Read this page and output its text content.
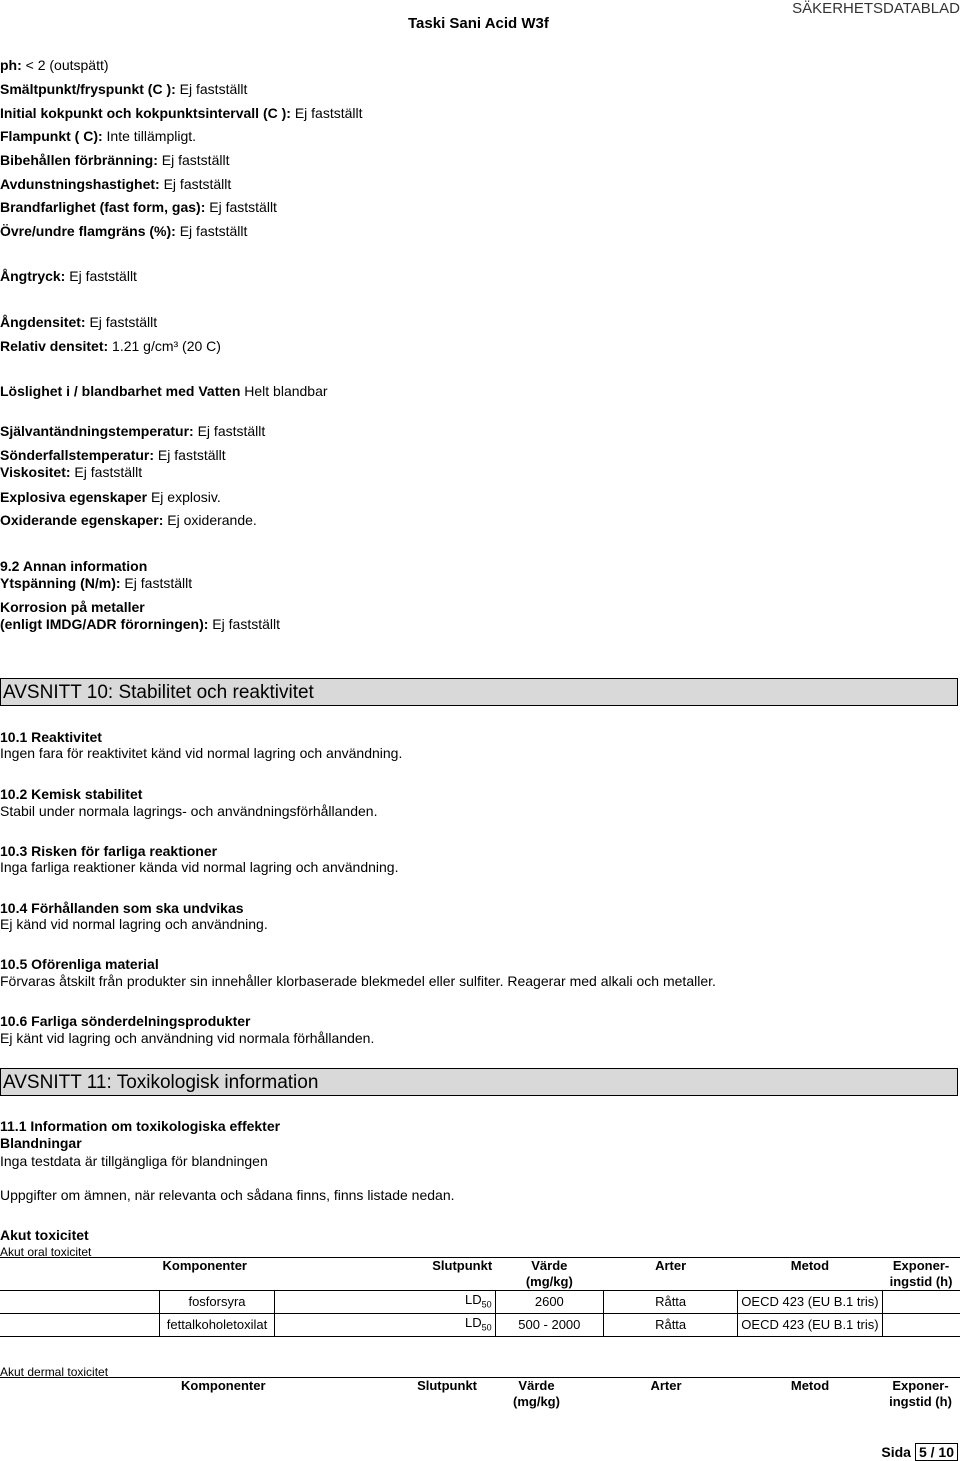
Taski Sani Acid W3f
SÄKERHETSDATABLAD
ph: < 2 (outspätt)
Smältpunkt/fryspunkt (C ): Ej fastställt
Initial kokpunkt och kokpunktsintervall (C ): Ej fastställt
Flampunkt ( C): Inte tillämpligt.
Bibehållen förbränning: Ej fastställt
Avdunstningshastighet: Ej fastställt
Brandfarlighet (fast form, gas): Ej fastställt
Övre/undre flamgräns (%): Ej fastställt
Ångtryck: Ej fastställt
Ångdensitet: Ej fastställt
Relativ densitet: 1.21 g/cm³ (20 C)
Löslighet i / blandbarhet med Vatten Helt blandbar
Självantändningstemperatur: Ej fastställt
Sönderfallstemperatur: Ej fastställt
Viskositet: Ej fastställt
Explosiva egenskaper Ej explosiv.
Oxiderande egenskaper: Ej oxiderande.
9.2 Annan information
Ytspänning (N/m): Ej fastställt
Korrosion på metaller
(enligt IMDG/ADR förorningen): Ej fastställt
AVSNITT 10: Stabilitet och reaktivitet
10.1 Reaktivitet
Ingen fara för reaktivitet känd vid normal lagring och användning.
10.2 Kemisk stabilitet
Stabil under normala lagrings- och användningsförhållanden.
10.3 Risken för farliga reaktioner
Inga farliga reaktioner kända vid normal lagring och användning.
10.4 Förhållanden som ska undvikas
Ej känd vid normal lagring och användning.
10.5 Oförenliga material
Förvaras åtskilt från produkter sin innehåller klorbaserade blekmedel eller sulfiter. Reagerar med alkali och metaller.
10.6 Farliga sönderdelningsprodukter
Ej känt vid lagring och användning vid normala förhållanden.
AVSNITT 11: Toxikologisk information
11.1 Information om toxikologiska effekter
Blandningar
Inga testdata är tillgängliga för blandningen
Uppgifter om ämnen, när relevanta och sådana finns, finns listade nedan.
Akut toxicitet
Akut oral toxicitet
	Komponenter	Slutpunkt	Värde
(mg/kg)	Arter	Metod	Exponer-
ingstid (h)
	fosforsyra	$LD_{50}$	2600	Råtta	OECD 423 (EU B.1 tris)	
	fettalkoholetoxilat	$LD_{50}$	500 - 2000	Råtta	OECD 423 (EU B.1 tris)	
Akut dermal toxicitet
	Komponenter	Slutpunkt	Värde
(mg/kg)	Arter	Metod	Exponer-
ingstid (h)
Sida 5 / 10
